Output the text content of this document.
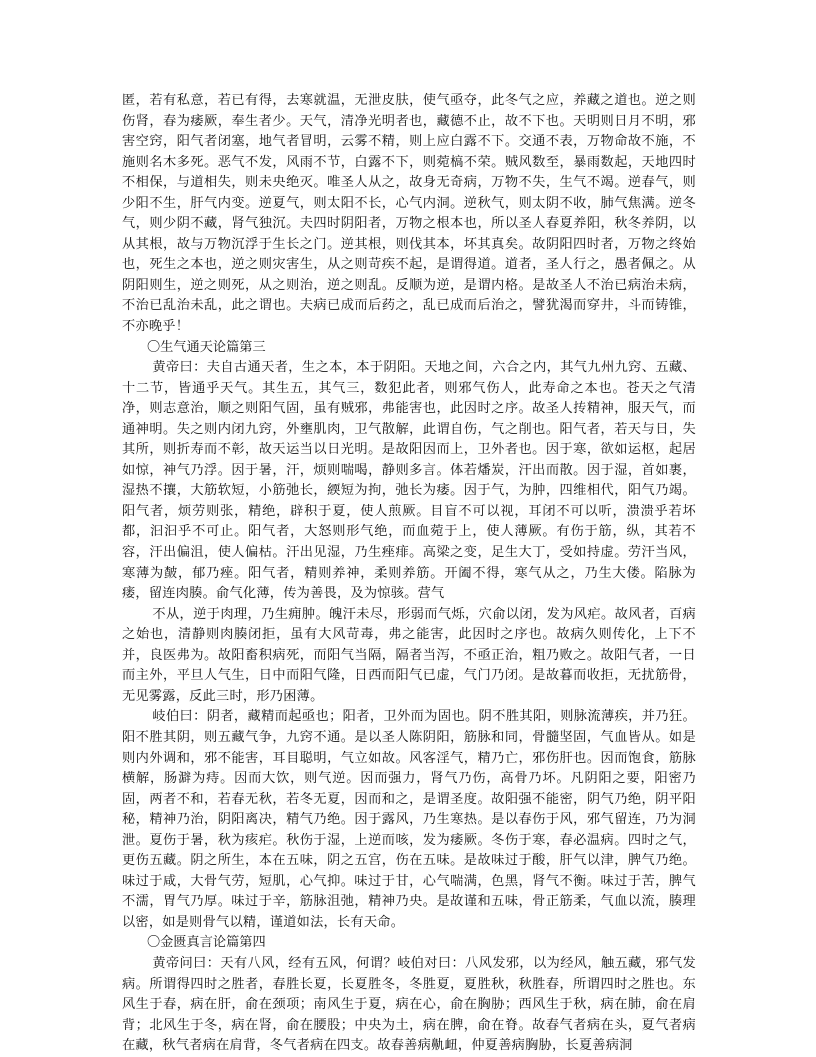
匿，若有私意，若已有得，去寒就温，无泄皮肤，使气亟夺，此冬气之应，养藏之道也。逆之则伤肾，春为痿厥，奉生者少。天气，清净光明者也，藏德不止，故不下也。天明则日月不明，邪害空窍，阳气者闭塞，地气者冒明，云雾不精，则上应白露不下。交通不表，万物命故不施，不施则名木多死。恶气不发，风雨不节，白露不下，则菀槁不荣。贼风数至，暴雨数起，天地四时不相保，与道相失，则未央绝灭。唯圣人从之，故身无奇病，万物不失，生气不竭。逆春气，则少阳不生，肝气内变。逆夏气，则太阳不长，心气内洞。逆秋气，则太阴不收，肺气焦满。逆冬气，则少阴不藏，肾气独沉。夫四时阴阳者，万物之根本也，所以圣人春夏养阳，秋冬养阴，以从其根，故与万物沉浮于生长之门。逆其根，则伐其本，坏其真矣。故阴阳四时者，万物之终始也，死生之本也，逆之则灾害生，从之则苛疾不起，是谓得道。道者，圣人行之，愚者佩之。从阴阳则生，逆之则死，从之则治，逆之则乱。反顺为逆，是谓内格。是故圣人不治已病治未病，不治已乱治未乱，此之谓也。夫病已成而后药之，乱已成而后治之，譬犹渴而穿井，斗而铸锥，不亦晚乎！

〇生气通天论篇第三

黄帝曰：夫自古通天者，生之本，本于阴阳。天地之间，六合之内，其气九州九窍、五藏、十二节，皆通乎天气。其生五，其气三，数犯此者，则邪气伤人，此寿命之本也。苍天之气清净，则志意治，顺之则阳气固，虽有贼邪，弗能害也，此因时之序。故圣人抟精神，服天气，而通神明。失之则内闭九窍，外壅肌肉，卫气散解，此谓自伤，气之削也。阳气者，若天与日，失其所，则折寿而不彰，故天运当以日光明。是故阳因而上，卫外者也。因于寒，欲如运枢，起居如惊，神气乃浮。因于暑，汗，烦则喘喝，静则多言。体若燔炭，汗出而散。因于湿，首如裹，湿热不攘，大筋软短，小筋弛长，緛短为拘，弛长为痿。因于气，为肿，四维相代，阳气乃竭。阳气者，烦劳则张，精绝，辟积于夏，使人煎厥。目盲不可以视，耳闭不可以听，溃溃乎若坏都，汩汩乎不可止。阳气者，大怒则形气绝，而血菀于上，使人薄厥。有伤于筋，纵，其若不容，汗出偏沮，使人偏枯。汗出见湿，乃生痤痱。高梁之变，足生大丁，受如持虚。劳汗当风，寒薄为皶，郁乃痤。阳气者，精则养神，柔则养筋。开阖不得，寒气从之，乃生大偻。陷脉为瘘，留连肉腠。俞气化薄，传为善畏，及为惊骇。营气

不从，逆于肉理，乃生痈肿。魄汗未尽，形弱而气烁，穴俞以闭，发为风疟。故风者，百病之始也，清静则肉腠闭拒，虽有大风苛毒，弗之能害，此因时之序也。故病久则传化，上下不并，良医弗为。故阳畜积病死，而阳气当隔，隔者当泻，不亟正治，粗乃败之。故阳气者，一日而主外，平旦人气生，日中而阳气隆，日西而阳气已虚，气门乃闭。是故暮而收拒，无扰筋骨，无见雾露，反此三时，形乃困薄。

岐伯曰：阴者，藏精而起亟也；阳者，卫外而为固也。阴不胜其阳，则脉流薄疾，并乃狂。阳不胜其阴，则五藏气争，九窍不通。是以圣人陈阴阳，筋脉和同，骨髓坚固，气血皆从。如是则内外调和，邪不能害，耳目聪明，气立如故。风客淫气，精乃亡，邪伤肝也。因而饱食，筋脉横解，肠澼为痔。因而大饮，则气逆。因而强力，肾气乃伤，高骨乃坏。凡阴阳之要，阳密乃固，两者不和，若春无秋，若冬无夏，因而和之，是谓圣度。故阳强不能密，阴气乃绝，阴平阳秘，精神乃治，阴阳离决，精气乃绝。因于露风，乃生寒热。是以春伤于风，邪气留连，乃为洞泄。夏伤于暑，秋为痎疟。秋伤于湿，上逆而咳，发为痿厥。冬伤于寒，春必温病。四时之气，更伤五藏。阴之所生，本在五味，阴之五宫，伤在五味。是故味过于酸，肝气以津，脾气乃绝。味过于咸，大骨气劳，短肌，心气抑。味过于甘，心气喘满，色黑，肾气不衡。味过于苦，脾气不濡，胃气乃厚。味过于辛，筋脉沮弛，精神乃央。是故谨和五味，骨正筋柔，气血以流，腠理以密，如是则骨气以精，谨道如法，长有天命。

〇金匮真言论篇第四

黄帝问曰：天有八风，经有五风，何谓？岐伯对曰：八风发邪，以为经风，触五藏，邪气发病。所谓得四时之胜者，春胜长夏，长夏胜冬，冬胜夏，夏胜秋，秋胜春，所谓四时之胜也。东风生于春，病在肝，俞在颈项；南风生于夏，病在心，俞在胸胁；西风生于秋，病在肺，俞在肩背；北风生于冬，病在肾，俞在腰股；中央为土，病在脾，俞在脊。故春气者病在头，夏气者病在藏，秋气者病在肩背，冬气者病在四支。故春善病鼽衄，仲夏善病胸胁，长夏善病洞
